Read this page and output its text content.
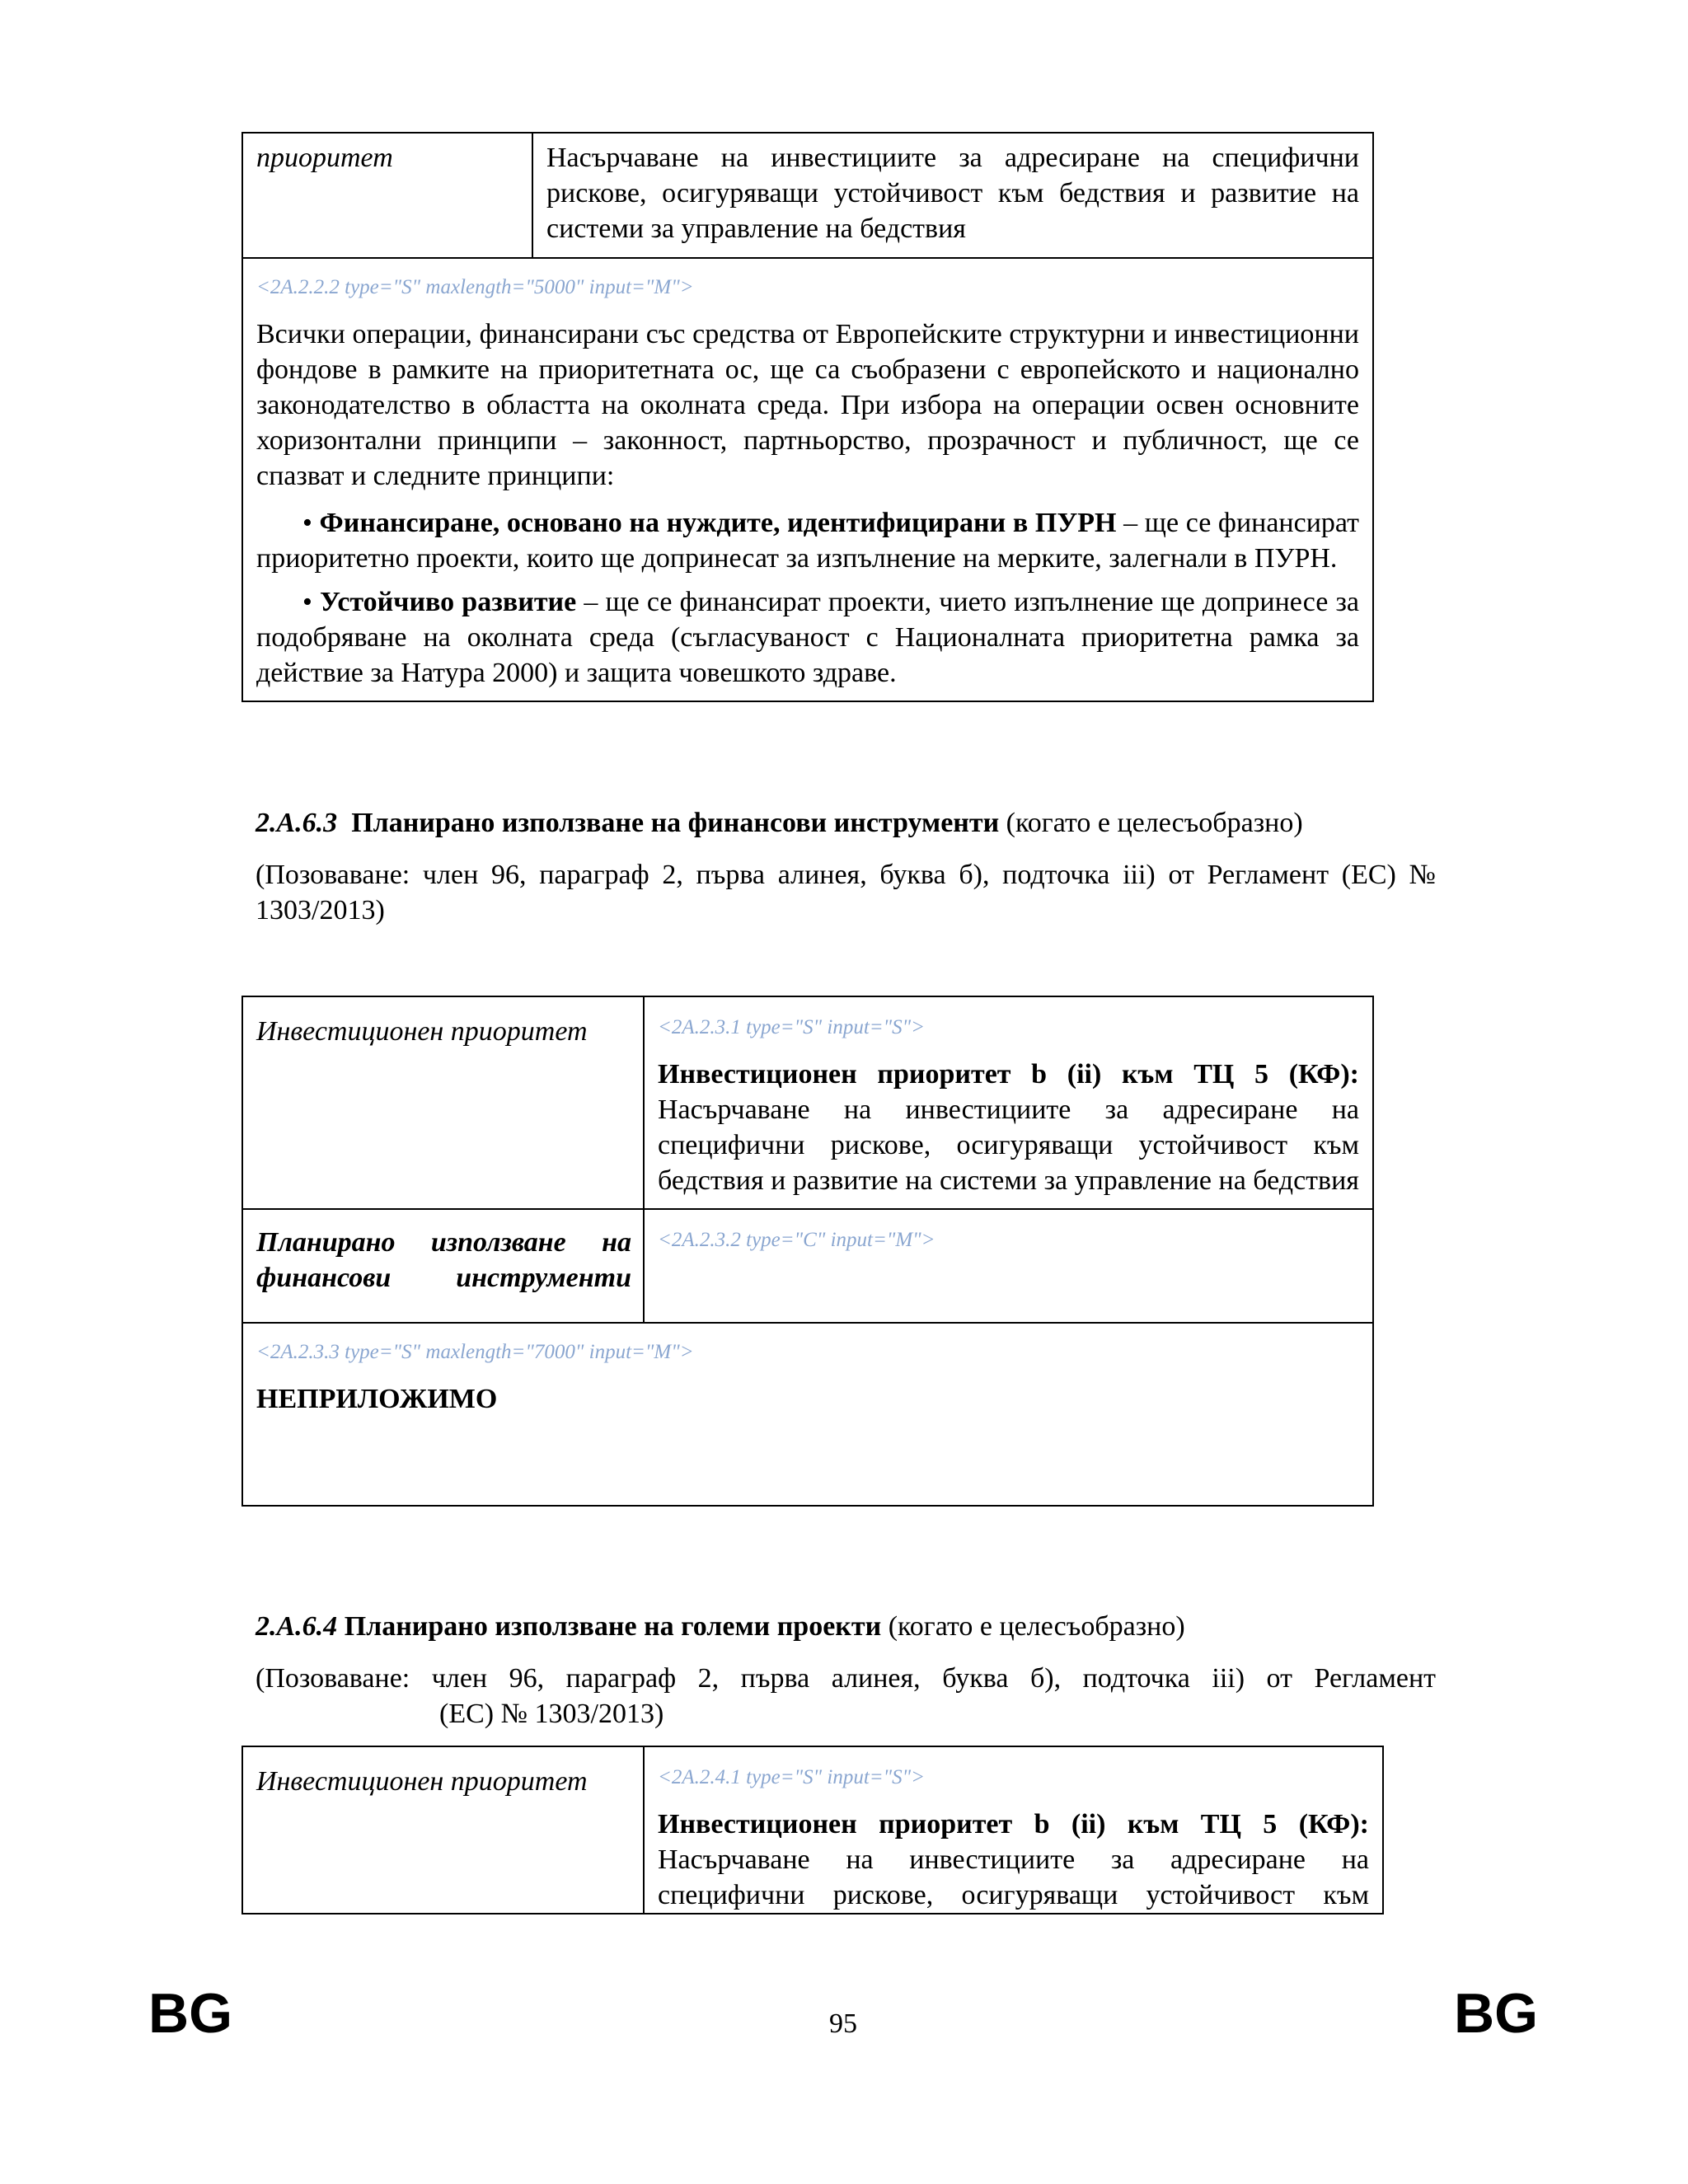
приоритет	Насърчаване на инвестициите за адресиране на специфични рискове, осигуряващи устойчивост към бедствия и развитие на системи за управление на бедствия

<2A.2.2.2 type="S" maxlength="5000" input="M">

Всички операции, финансирани със средства от Европейските структурни и инвестиционни фондове в рамките на приоритетната ос, ще са съобразени с европейското и национално законодателство в областта на околната среда. При избора на операции освен основните хоризонтални принципи – законност, партньорство, прозрачност и публичност, ще се спазват и следните принципи:

• Финансиране, основано на нуждите, идентифицирани в ПУРН – ще се финансират приоритетно проекти, които ще допринесат за изпълнение на мерките, залегнали в ПУРН.

• Устойчиво развитие – ще се финансират проекти, чието изпълнение ще допринесе за подобряване на околната среда (съгласуваност с Националната приоритетна рамка за действие за Натура 2000) и защита човешкото здраве.

2.A.6.3 Планирано използване на финансови инструменти (когато е целесъобразно)
(Позоваване: член 96, параграф 2, първа алинея, буква б), подточка iii) от Регламент (ЕС) № 1303/2013)
Инвестиционен приоритет	<2A.2.3.1 type="S" input="S">

Инвестиционен приоритет b (ii) към ТЦ 5 (КФ):

Насърчаване на инвестициите за адресиране на специфични рискове, осигуряващи устойчивост към бедствия и развитие на системи за управление на бедствия

Планирано използване на финансови инструменти	<2A.2.3.2 type="C" input="M">

<2A.2.3.3 type="S" maxlength="7000" input="M">

НЕПРИЛОЖИМО	

2.A.6.4 Планирано използване на големи проекти (когато е целесъобразно)
(Позоваване: член 96, параграф 2, първа алинея, буква б), подточка iii) от Регламент
(ЕС) № 1303/2013)
Инвестиционен приоритет	<2A.2.4.1 type="S" input="S">

Инвестиционен приоритет b (ii) към ТЦ 5 (КФ):

Насърчаване на инвестициите за адресиране на специфични рискове, осигуряващи устойчивост към

BG	95	BG
